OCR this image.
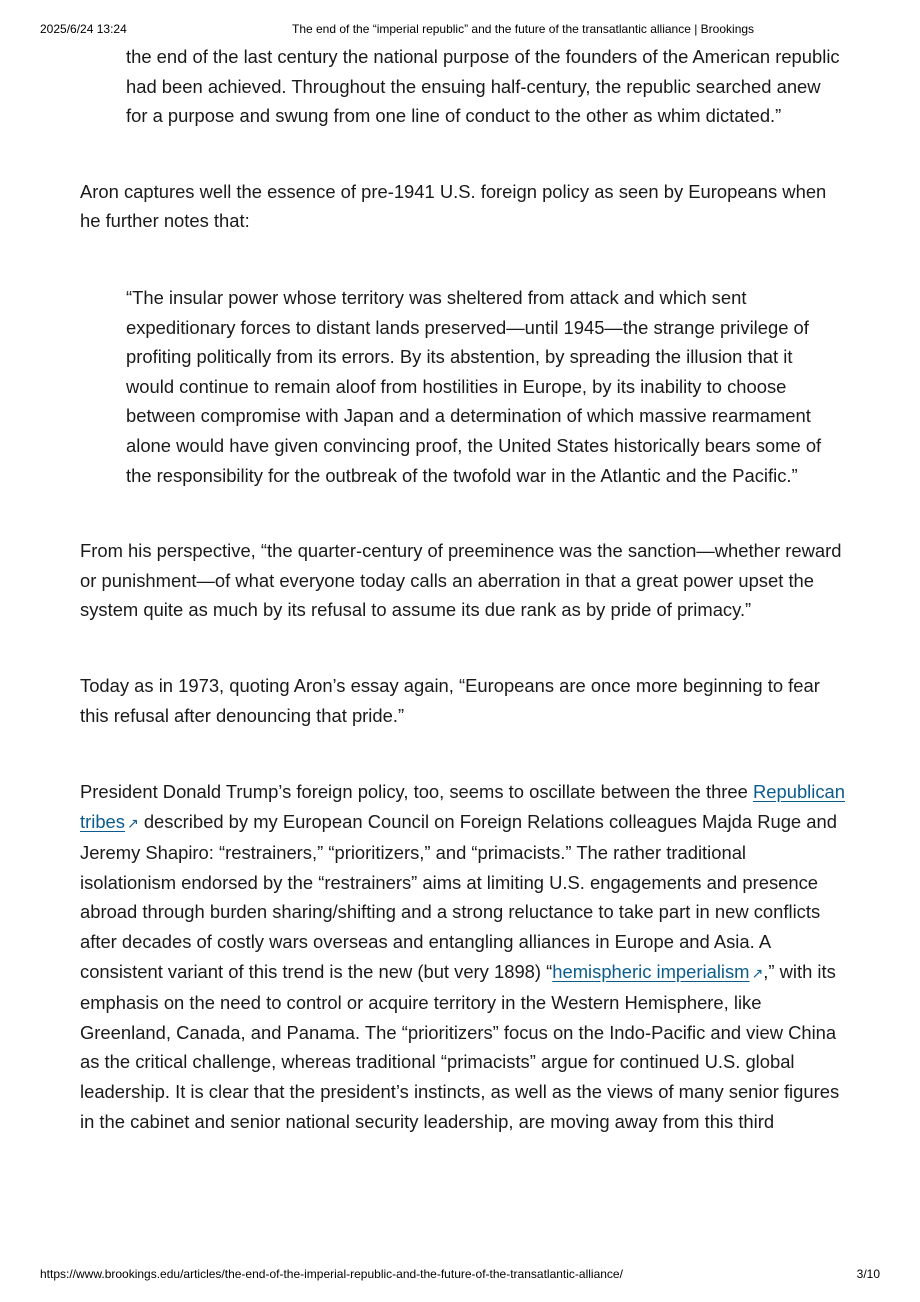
2025/6/24 13:24	The end of the “imperial republic” and the future of the transatlantic alliance | Brookings

the end of the last century the national purpose of the founders of the American republic had been achieved. Throughout the ensuing half-century, the republic searched anew for a purpose and swung from one line of conduct to the other as whim dictated.”

Aron captures well the essence of pre-1941 U.S. foreign policy as seen by Europeans when he further notes that:

“The insular power whose territory was sheltered from attack and which sent expeditionary forces to distant lands preserved—until 1945—the strange privilege of profiting politically from its errors. By its abstention, by spreading the illusion that it would continue to remain aloof from hostilities in Europe, by its inability to choose between compromise with Japan and a determination of which massive rearmament alone would have given convincing proof, the United States historically bears some of the responsibility for the outbreak of the twofold war in the Atlantic and the Pacific.”

From his perspective, “the quarter-century of preeminence was the sanction—whether reward or punishment—of what everyone today calls an aberration in that a great power upset the system quite as much by its refusal to assume its due rank as by pride of primacy.”

Today as in 1973, quoting Aron’s essay again, “Europeans are once more beginning to fear this refusal after denouncing that pride.”

President Donald Trump’s foreign policy, too, seems to oscillate between the three Republican tribes ↗ described by my European Council on Foreign Relations colleagues Majda Ruge and Jeremy Shapiro: “restrainers,” “prioritizers,” and “primacists.” The rather traditional isolationism endorsed by the “restrainers” aims at limiting U.S. engagements and presence abroad through burden sharing/shifting and a strong reluctance to take part in new conflicts after decades of costly wars overseas and entangling alliances in Europe and Asia. A consistent variant of this trend is the new (but very 1898) “hemispheric imperialism ↗,” with its emphasis on the need to control or acquire territory in the Western Hemisphere, like Greenland, Canada, and Panama. The “prioritizers” focus on the Indo-Pacific and view China as the critical challenge, whereas traditional “primacists” argue for continued U.S. global leadership. It is clear that the president’s instincts, as well as the views of many senior figures in the cabinet and senior national security leadership, are moving away from this third

https://www.brookings.edu/articles/the-end-of-the-imperial-republic-and-the-future-of-the-transatlantic-alliance/	3/10
